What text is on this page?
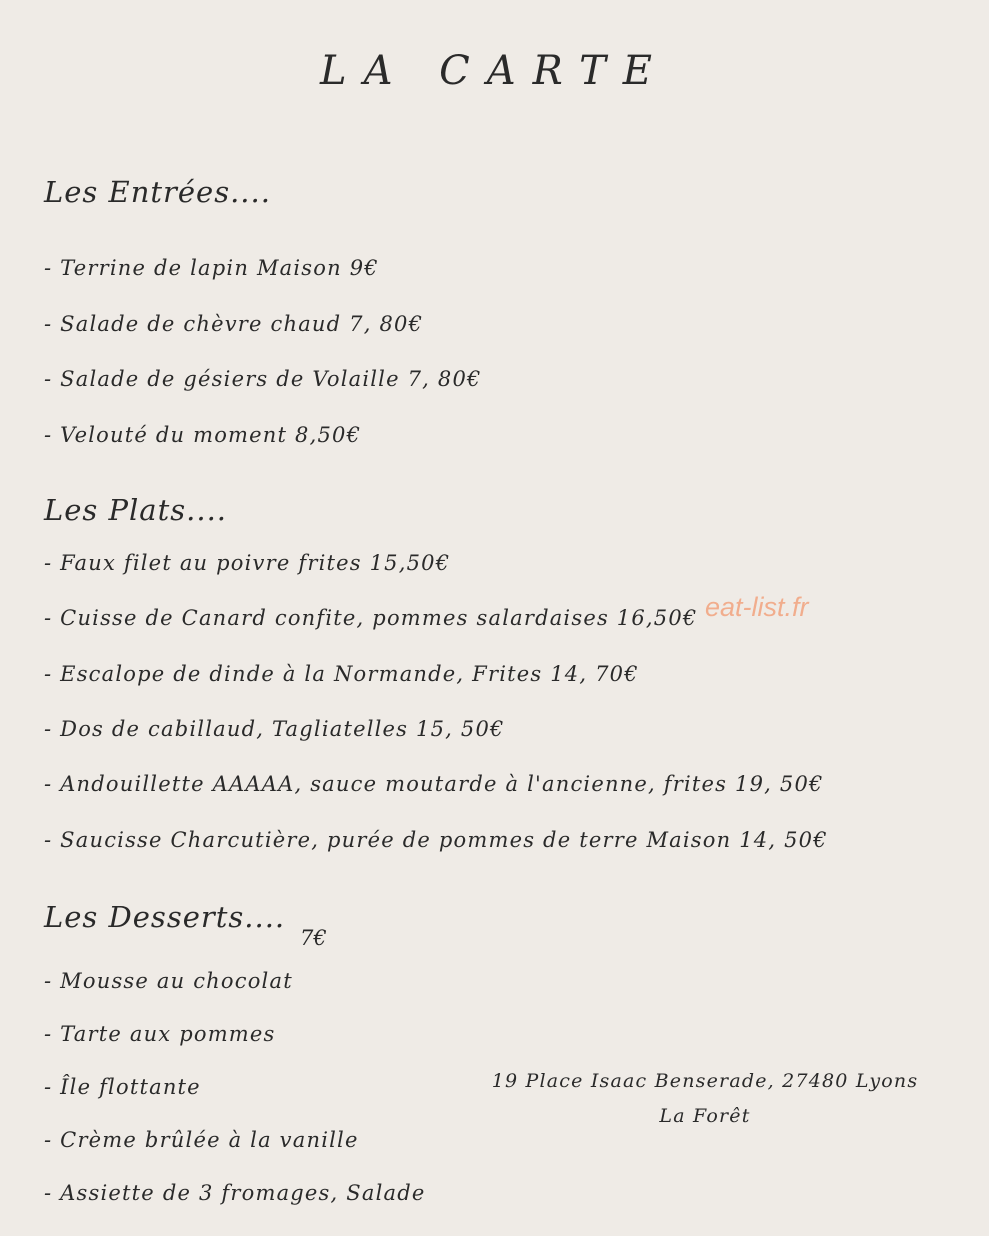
LA CARTE
Les Entrées....
- Terrine de lapin Maison 9€
- Salade de chèvre chaud 7, 80€
- Salade de gésiers de Volaille 7, 80€
- Velouté du moment 8,50€
Les Plats....
- Faux filet au poivre frites 15,50€
- Cuisse de Canard confite, pommes salardaises 16,50€
- Escalope de dinde à la Normande, Frites 14, 70€
- Dos de cabillaud, Tagliatelles 15, 50€
- Andouillette AAAAA, sauce moutarde à l'ancienne, frites 19, 50€
- Saucisse Charcutière, purée de pommes de terre Maison 14, 50€
Les Desserts....
7€
- Mousse au chocolat
- Tarte aux pommes
- Île flottante
- Crème brûlée à la vanille
- Assiette de 3 fromages, Salade
19 Place Isaac Benserade, 27480 Lyons
La Forêt
eat-list.fr
